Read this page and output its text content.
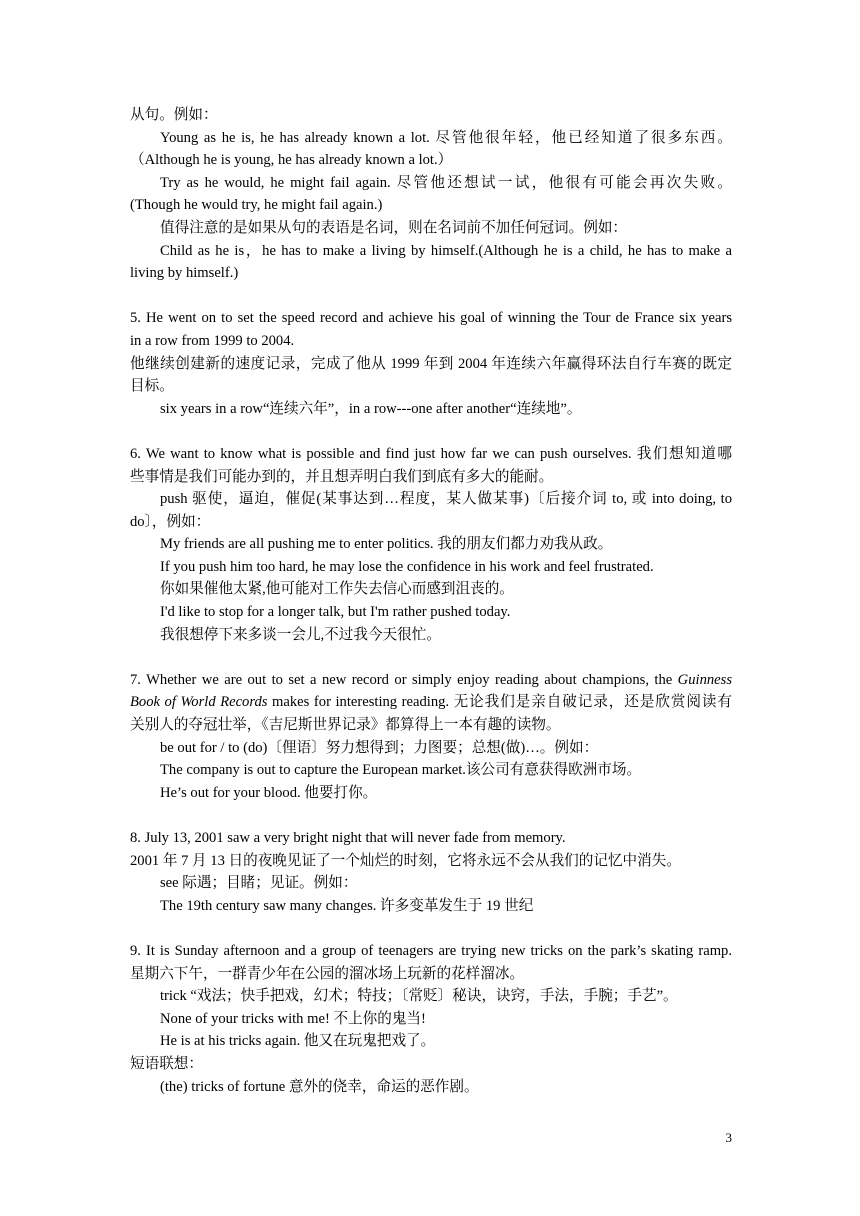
从句。例如：
Young as he is, he has already known a lot. 尽管他很年轻，他已经知道了很多东西。
（Although he is young, he has already known a lot.）
Try as he would, he might fail again. 尽管他还想试一试，他很有可能会再次失败。
(Though he would try, he might fail again.)
值得注意的是如果从句的表语是名词，则在名词前不加任何冠词。例如：
Child as he is，he has to make a living by himself.(Although he is a child, he has to make a
living by himself.)
5. He went on to set the speed record and achieve his goal of winning the Tour de France six years
in a row from 1999 to 2004.
他继续创建新的速度记录，完成了他从 1999 年到 2004 年连续六年赢得环法自行车赛的既定
目标。
six years in a row“连续六年”，in a row---one after another“连续地”。
6. We want to know what is possible and find just how far we can push ourselves. 我们想知道哪
些事情是我们可能办到的，并且想弄明白我们到底有多大的能耐。
push 驱使，逼迫，催促(某事达到…程度，某人做某事)〔后接介词 to, 或 into doing, to
do〕，例如：
My friends are all pushing me to enter politics. 我的朋友们都力劝我从政。
If you push him too hard, he may lose the confidence in his work and feel frustrated.
你如果催他太紧,他可能对工作失去信心而感到沮丧的。
I'd like to stop for a longer talk, but I'm rather pushed today.
我很想停下来多谈一会儿,不过我今天很忙。
7. Whether we are out to set a new record or simply enjoy reading about champions, the Guinness
Book of World Records makes for interesting reading. 无论我们是亲自破记录，还是欣赏阅读有
关别人的夺冠壮举，《吉尼斯世界记录》都算得上一本有趣的读物。
be out for / to (do)〔俚语〕努力想得到；力图要；总想(做)…。例如：
The company is out to capture the European market.该公司有意获得欧洲市场。
He’s out for your blood. 他要打你。
8. July 13, 2001 saw a very bright night that will never fade from memory.
2001 年 7 月 13 日的夜晚见证了一个灿烂的时刻，它将永远不会从我们的记忆中消失。
see 际遇；目睹；见证。例如：
The 19th century saw many changes. 许多变革发生于 19 世纪
9. It is Sunday afternoon and a group of teenagers are trying new tricks on the park’s skating ramp.
星期六下午，一群青少年在公园的溜冰场上玩新的花样溜冰。
trick “戏法；快手把戏，幻术；特技；〔常贬〕秘诀，诀窍，手法，手腕；手艺”。
None of your tricks with me! 不上你的鬼当!
He is at his tricks again. 他又在玩鬼把戏了。
短语联想：
(the) tricks of fortune 意外的侥幸，命运的恶作剧。
3
